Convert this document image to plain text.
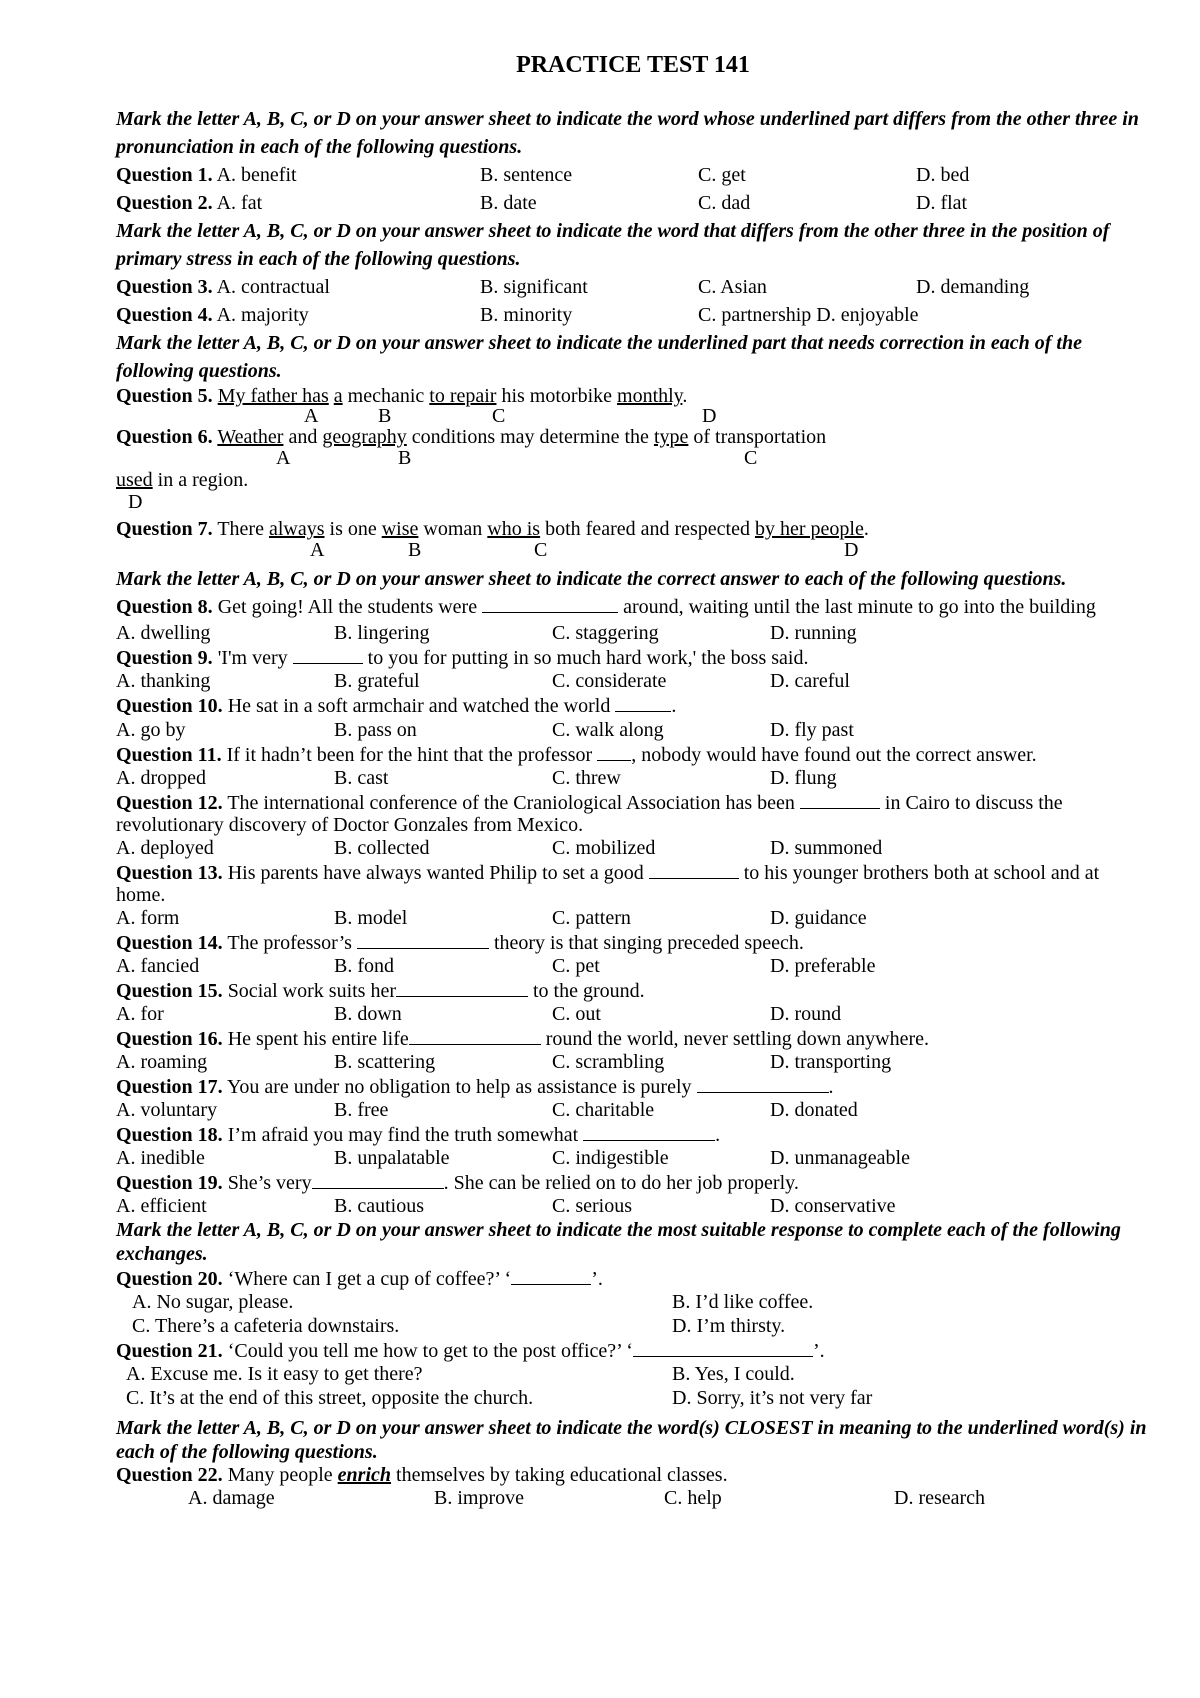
PRACTICE TEST 141

Mark the letter A, B, C, or D on your answer sheet to indicate the word whose underlined part differs from the other three in pronunciation in each of the following questions.

Question 1. A. benefit	B. sentence	C. get	D. bed
Question 2. A. fat	B. date	C. dad	D. flat

Mark the letter A, B, C, or D on your answer sheet to indicate the word that differs from the other three in the position of primary stress in each of the following questions.

Question 3. A. contractual	B. significant	C. Asian	D. demanding
Question 4. A. majority	B. minority	C. partnership D. enjoyable

Mark the letter A, B, C, or D on your answer sheet to indicate the underlined part that needs correction in each of the following questions.

Question 5. My father has a mechanic to repair his motorbike monthly.
A	B	C	D
Question 6. Weather and geography conditions may determine the type of transportation
A	B	C
used in a region.
D
Question 7. There always is one wise woman who is both feared and respected by her people.
A	B	C	D

Mark the letter A, B, C, or D on your answer sheet to indicate the correct answer to each of the following questions.

Question 8. Get going! All the students were	around, waiting until the last minute to go into the building
A. dwelling	B. lingering	C. staggering	D. running
Question 9. 'I'm very	to you for putting in so much hard work,' the boss said.
A. thanking	B. grateful	C. considerate	D. careful
Question 10. He sat in a soft armchair and watched the world	.
A. go by	B. pass on	C. walk along	D. fly past
Question 11. If it hadn’t been for the hint that the professor , nobody would have found out the correct answer.
A. dropped	B. cast	C. threw	D. flung
Question 12. The international conference of the Craniological Association has been	in Cairo to discuss the revolutionary discovery of Doctor Gonzales from Mexico.
A. deployed	B. collected	C. mobilized	D. summoned
Question 13. His parents have always wanted Philip to set a good	to his younger brothers both at school and at home.
A. form	B. model	C. pattern	D. guidance
Question 14. The professor’s	theory is that singing preceded speech.
A. fancied	B. fond	C. pet	D. preferable
Question 15. Social work suits her	to the ground.
A. for	B. down	C. out	D. round
Question 16. He spent his entire life	round the world, never settling down anywhere.
A. roaming	B. scattering	C. scrambling	D. transporting
Question 17. You are under no obligation to help as assistance is purely	.
A. voluntary	B. free	C. charitable	D. donated
Question 18. I’m afraid you may find the truth somewhat	.
A. inedible	B. unpalatable	C. indigestible	D. unmanageable
Question 19. She’s very	. She can be relied on to do her job properly.
A. efficient	B. cautious	C. serious	D. conservative

Mark the letter A, B, C, or D on your answer sheet to indicate the most suitable response to complete each of the following exchanges.

Question 20. ‘Where can I get a cup of coffee?’ ‘	’.
A. No sugar, please.	B. I’d like coffee.
C. There’s a cafeteria downstairs.	D. I’m thirsty.
Question 21. ‘Could you tell me how to get to the post office?’ ‘	’.
A. Excuse me. Is it easy to get there?	B. Yes, I could.
C. It’s at the end of this street, opposite the church.	D. Sorry, it’s not very far

Mark the letter A, B, C, or D on your answer sheet to indicate the word(s) CLOSEST in meaning to the underlined word(s) in each of the following questions.

Question 22. Many people enrich themselves by taking educational classes.
A. damage	B. improve	C. help	D. research
